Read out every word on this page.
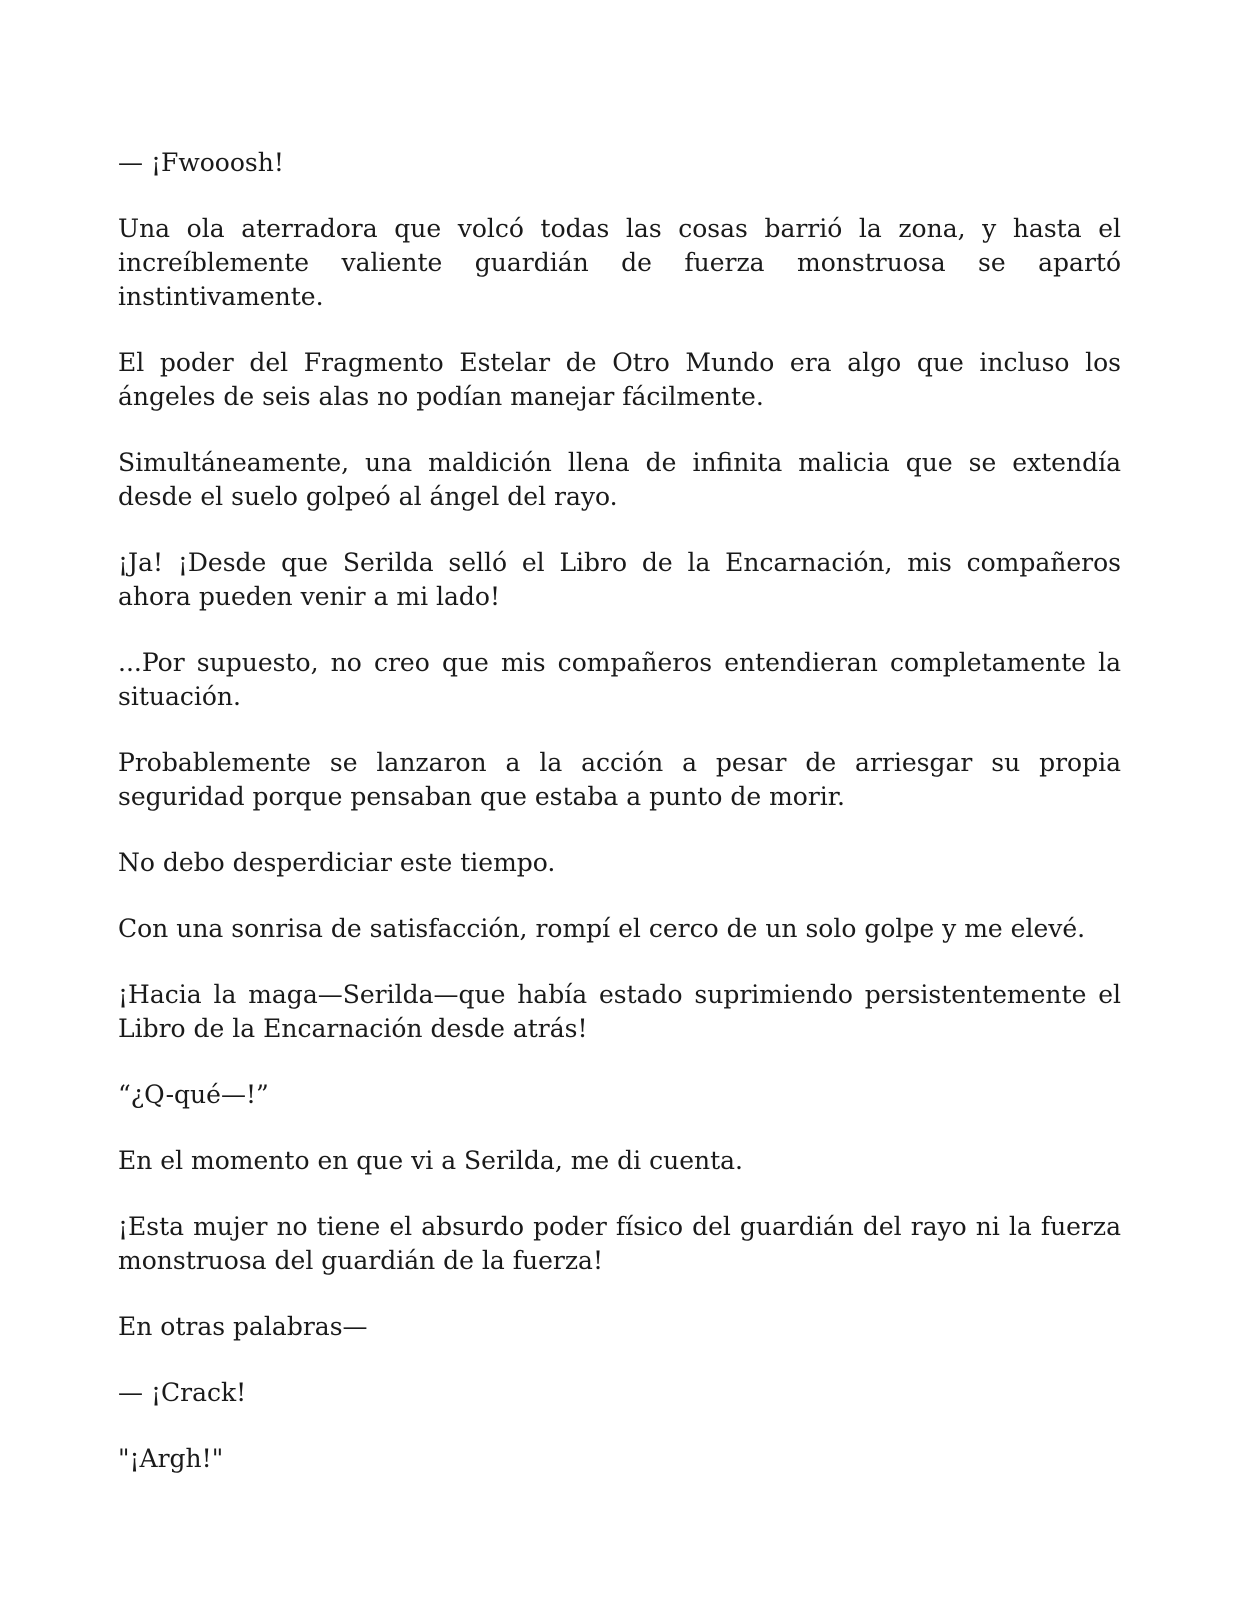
— ¡Fwooosh!

Una ola aterradora que volcó todas las cosas barrió la zona, y hasta el increíblemente valiente guardián de fuerza monstruosa se apartó instintivamente.

El poder del Fragmento Estelar de Otro Mundo era algo que incluso los ángeles de seis alas no podían manejar fácilmente.

Simultáneamente, una maldición llena de infinita malicia que se extendía desde el suelo golpeó al ángel del rayo.

¡Ja! ¡Desde que Serilda selló el Libro de la Encarnación, mis compañeros ahora pueden venir a mi lado!

...Por supuesto, no creo que mis compañeros entendieran completamente la situación.

Probablemente se lanzaron a la acción a pesar de arriesgar su propia seguridad porque pensaban que estaba a punto de morir.

No debo desperdiciar este tiempo.

Con una sonrisa de satisfacción, rompí el cerco de un solo golpe y me elevé.

¡Hacia la maga—Serilda—que había estado suprimiendo persistentemente el Libro de la Encarnación desde atrás!

“¿Q-qué—!”

En el momento en que vi a Serilda, me di cuenta.

¡Esta mujer no tiene el absurdo poder físico del guardián del rayo ni la fuerza monstruosa del guardián de la fuerza!

En otras palabras—

— ¡Crack!

"¡Argh!"
